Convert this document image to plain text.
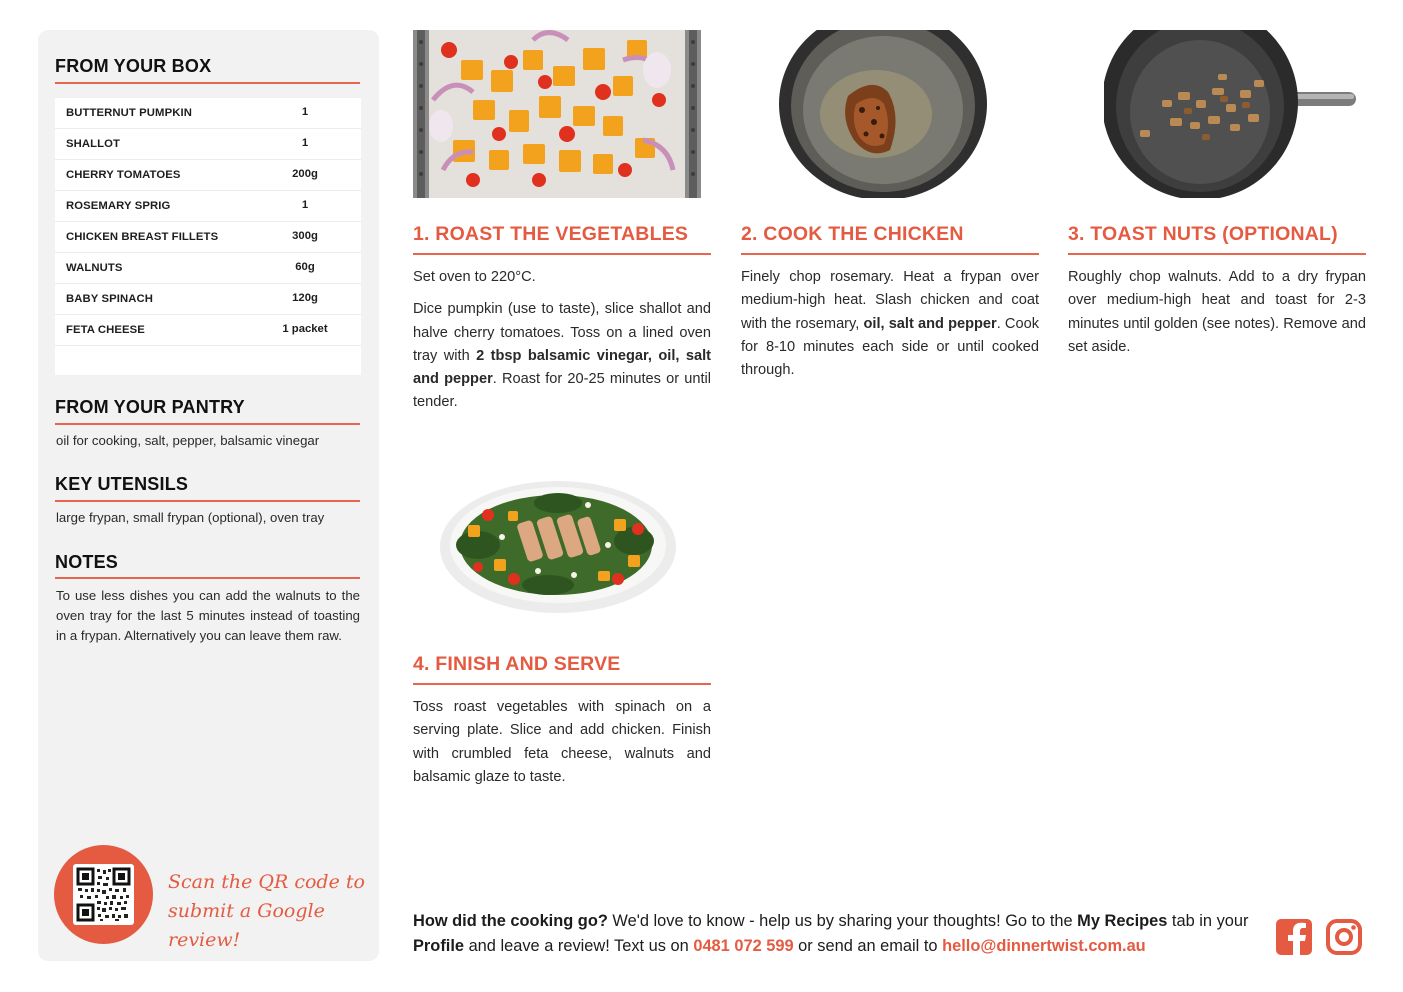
FROM YOUR BOX
BUTTERNUT PUMPKIN	1
SHALLOT	1
CHERRY TOMATOES	200g
ROSEMARY SPRIG	1
CHICKEN BREAST FILLETS	300g
WALNUTS	60g
BABY SPINACH	120g
FETA CHEESE	1 packet
FROM YOUR PANTRY
oil for cooking, salt, pepper, balsamic vinegar
KEY UTENSILS
large frypan, small frypan (optional), oven tray
NOTES
To use less dishes you can add the walnuts to the oven tray for the last 5 minutes instead of toasting in a frypan. Alternatively you can leave them raw.
Scan the QR code to
submit a Google review!
1. ROAST THE VEGETABLES

Set oven to 220°C.

Dice pumpkin (use to taste), slice shallot and halve cherry tomatoes. Toss on a lined oven tray with 2 tbsp balsamic vinegar, oil, salt and pepper. Roast for 20-25 minutes or until tender.

2. COOK THE CHICKEN

Finely chop rosemary. Heat a frypan over medium-high heat. Slash chicken and coat with the rosemary, oil, salt and pepper. Cook for 8-10 minutes each side or until cooked through.

3. TOAST NUTS (OPTIONAL)

Roughly chop walnuts. Add to a dry frypan over medium-high heat and toast for 2-3 minutes until golden (see notes). Remove and set aside.

4. FINISH AND SERVE

Toss roast vegetables with spinach on a serving plate. Slice and add chicken. Finish with crumbled feta cheese, walnuts and balsamic glaze to taste.

How did the cooking go? We'd love to know - help us by sharing your thoughts! Go to the My Recipes tab in your Profile and leave a review! Text us on 0481 072 599 or send an email to hello@dinnertwist.com.au
